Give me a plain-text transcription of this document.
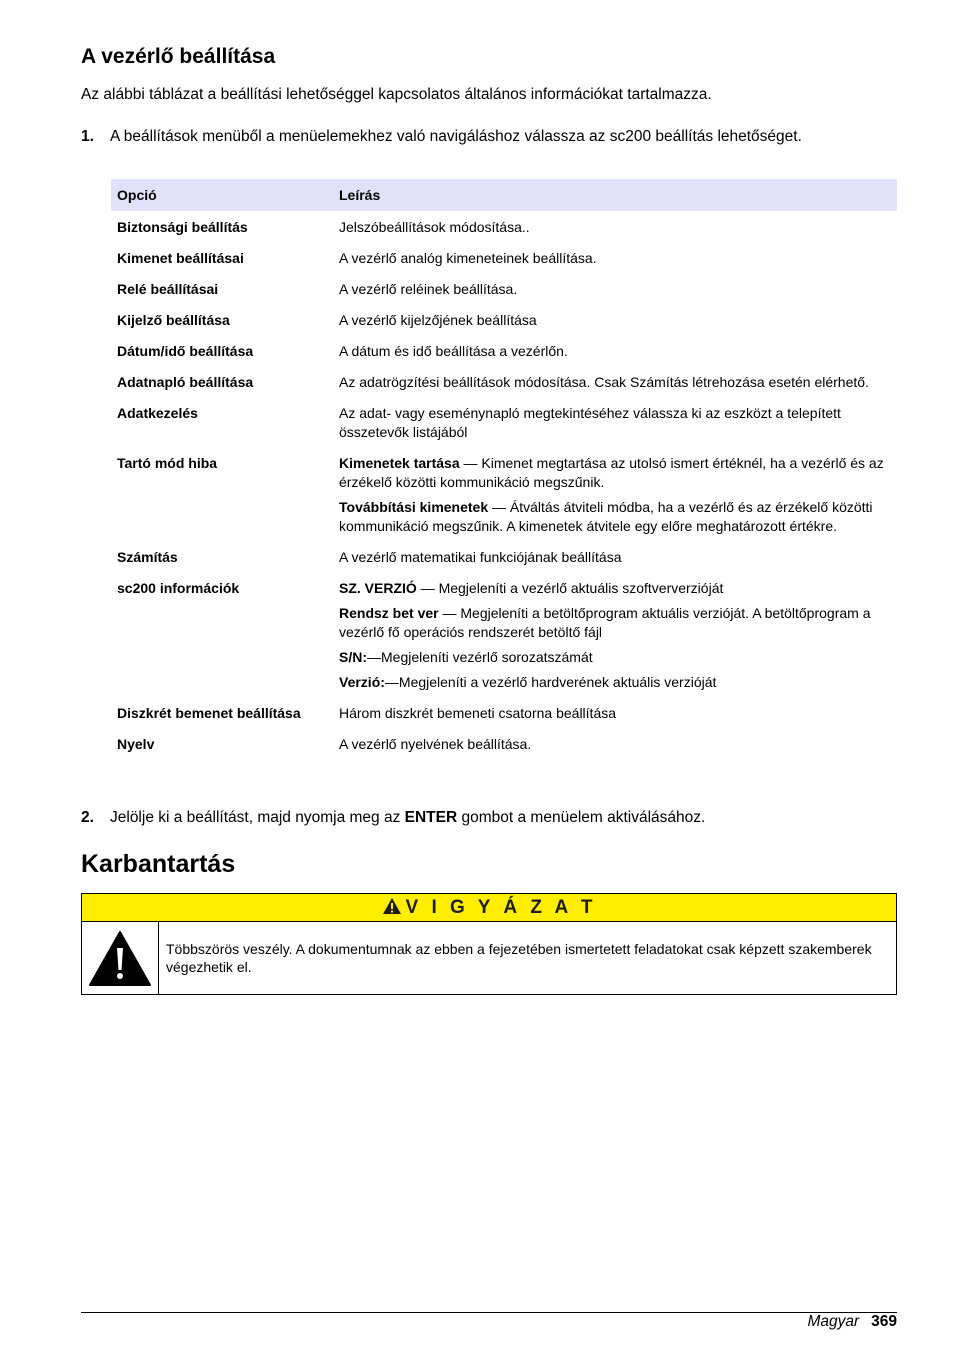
A vezérlő beállítása

Az alábbi táblázat a beállítási lehetőséggel kapcsolatos általános információkat tartalmazza.

1. A beállítások menüből a menüelemekhez való navigáláshoz válassza az sc200 beállítás lehetőséget.
Opció	Leírás
Biztonsági beállítás	Jelszóbeállítások módosítása..

Kimenet beállításai	A vezérlő analóg kimeneteinek beállítása.

Relé beállításai	A vezérlő reléinek beállítása.

Kijelző beállítása	A vezérlő kijelzőjének beállítása

Dátum/idő beállítása	A dátum és idő beállítása a vezérlőn.

Adatnapló beállítása	Az adatrögzítési beállítások módosítása. Csak Számítás létrehozása esetén elérhető.

Adatkezelés	Az adat- vagy eseménynapló megtekintéséhez válassza ki az eszközt a telepített összetevők listájából

Tartó mód hiba	Kimenetek tartása — Kimenet megtartása az utolsó ismert értéknél, ha a vezérlő és az érzékelő közötti kommunikáció megszűnik.

Továbbítási kimenetek — Átváltás átviteli módba, ha a vezérlő és az érzékelő közötti kommunikáció megszűnik. A kimenetek átvitele egy előre meghatározott értékre.

Számítás	A vezérlő matematikai funkciójának beállítása

sc200 információk	SZ. VERZIÓ — Megjeleníti a vezérlő aktuális szoftververzióját

Rendsz bet ver — Megjeleníti a betöltőprogram aktuális verzióját. A betöltőprogram a vezérlő fő operációs rendszerét betöltő fájl

S/N:—Megjeleníti vezérlő sorozatszámát

Verzió:—Megjeleníti a vezérlő hardverének aktuális verzióját

Diszkrét bemenet beállítása	Három diszkrét bemeneti csatorna beállítása

Nyelv	A vezérlő nyelvének beállítása.

2. Jelölje ki a beállítást, majd nyomja meg az ENTER gombot a menüelem aktiválásához.
Karbantartás
V I G Y Á Z A T
Többszörös veszély. A dokumentumnak az ebben a fejezetében ismertetett feladatokat csak képzett szakemberek végezhetik el.
Magyar 369
